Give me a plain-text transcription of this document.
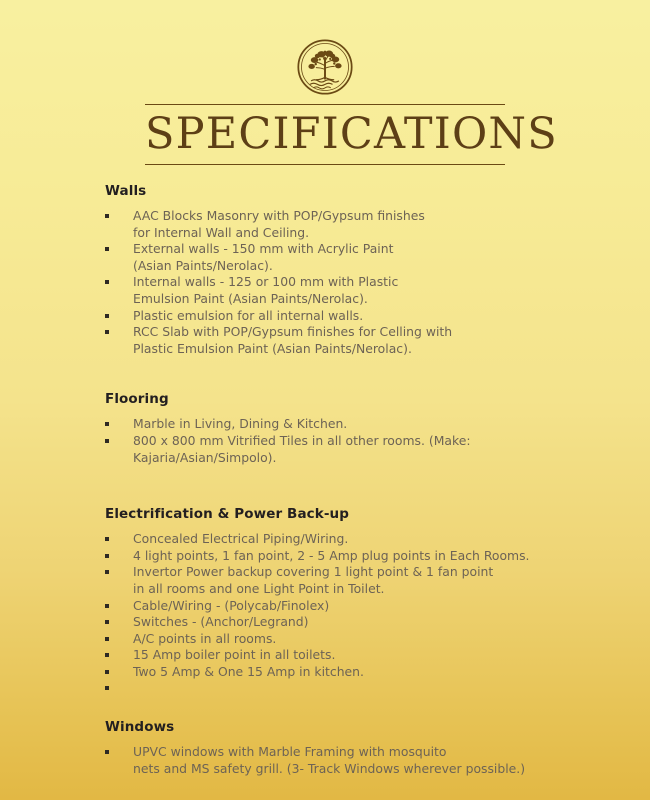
SPECIFICATIONS
Walls
AAC Blocks Masonry with POP/Gypsum finishes
for Internal Wall and Ceiling.
External walls - 150 mm with Acrylic Paint
(Asian Paints/Nerolac).
Internal walls - 125 or 100 mm with Plastic
Emulsion Paint (Asian Paints/Nerolac).
Plastic emulsion for all internal walls.
RCC Slab with POP/Gypsum finishes for Celling with
Plastic Emulsion Paint (Asian Paints/Nerolac).
Flooring
Marble in Living, Dining & Kitchen.
800 x 800 mm Vitrified Tiles in all other rooms. (Make:
Kajaria/Asian/Simpolo).
Electrification & Power Back-up
Concealed Electrical Piping/Wiring.
4 light points, 1 fan point, 2 - 5 Amp plug points in Each Rooms.
Invertor Power backup covering 1 light point & 1 fan point
in all rooms and one Light Point in Toilet.
Cable/Wiring - (Polycab/Finolex)
Switches - (Anchor/Legrand)
A/C points in all rooms.
15 Amp boiler point in all toilets.
Two 5 Amp & One 15 Amp in kitchen.
Windows
UPVC windows with Marble Framing with mosquito
nets and MS safety grill. (3- Track Windows wherever possible.)
